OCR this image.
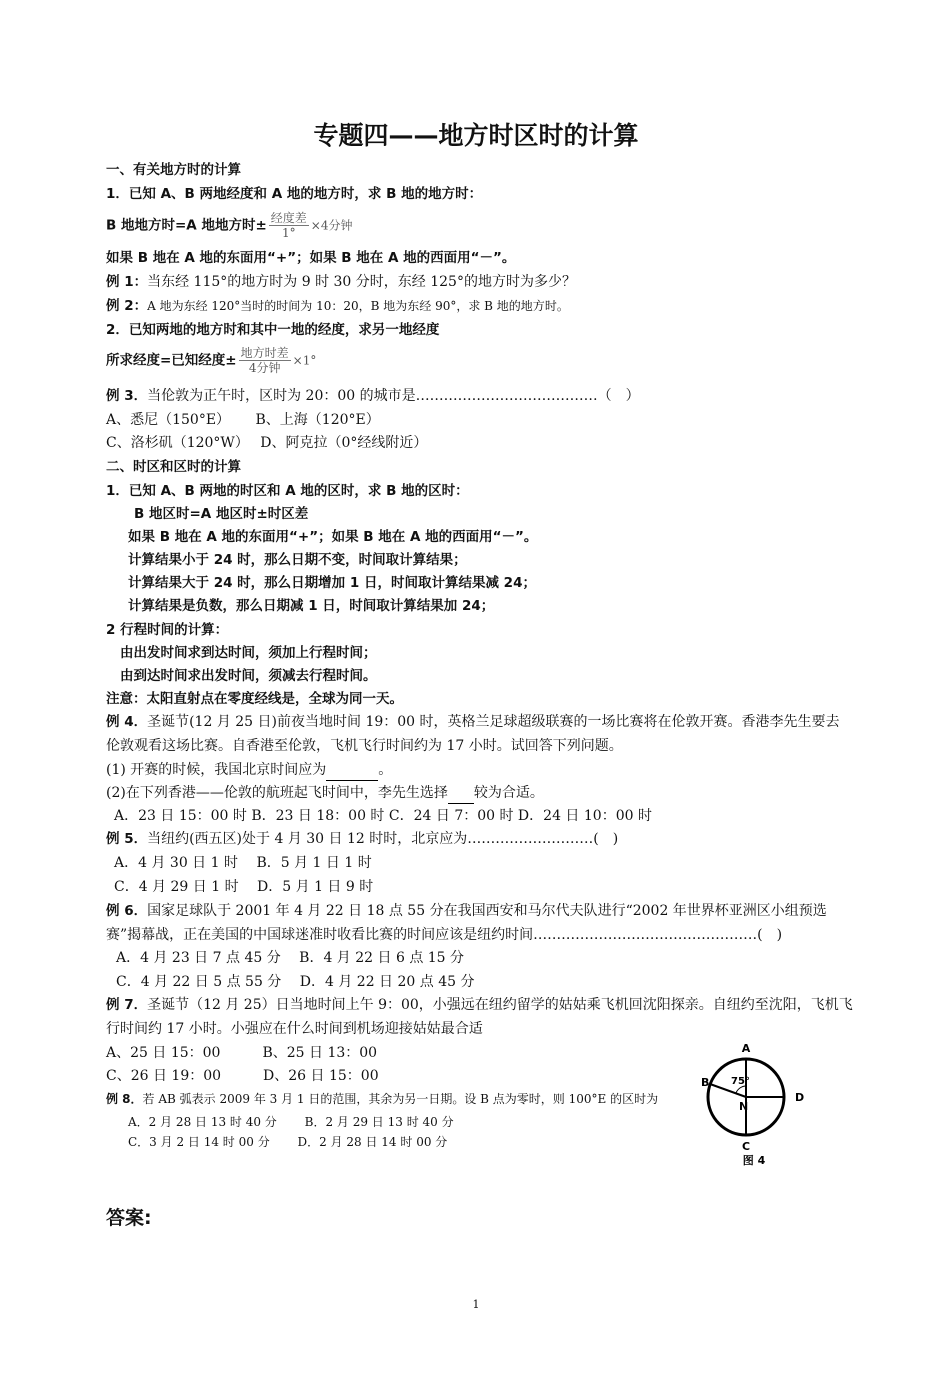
专题四——地方时区时的计算
一、有关地方时的计算
1．已知 A、B 两地经度和 A 地的地方时，求 B 地的地方时：
B 地地方时=A 地地方时± $\frac{\text{经度差}}{1^\circ} \times 4$分钟
如果 B 地在 A 地的东面用“+”；如果 B 地在 A 地的西面用“－”。
例 1：当东经 115°的地方时为 9 时 30 分时，东经 125°的地方时为多少？
例 2：A 地为东经 120°当时的时间为 10：20，B 地为东经 90°，求 B 地的地方时。
2．已知两地的地方时和其中一地的经度，求另一地经度
所求经度=已知经度± $\frac{\text{地方时差}}{\text{4分钟}} \times 1^\circ$
例 3．当伦敦为正午时，区时为 20：00 的城市是…………………………………（　）
A、悉尼（150°E）　　 B、上海（120°E）
C、洛杉矶（120°W）　 D、阿克拉（0°经线附近）
二、时区和区时的计算
1．已知 A、B 两地的时区和 A 地的区时，求 B 地的区时：
B 地区时=A 地区时±时区差
如果 B 地在 A 地的东面用“+”；如果 B 地在 A 地的西面用“－”。
计算结果小于 24 时，那么日期不变，时间取计算结果；
计算结果大于 24 时，那么日期增加 1 日，时间取计算结果减 24；
计算结果是负数，那么日期减 1 日，时间取计算结果加 24；
2 行程时间的计算：
由出发时间求到达时间，须加上行程时间；
由到达时间求出发时间，须减去行程时间。
注意：太阳直射点在零度经线是，全球为同一天。
例 4．圣诞节(12 月 25 日)前夜当地时间 19：00 时，英格兰足球超级联赛的一场比赛将在伦敦开赛。香港李先生要去
伦敦观看这场比赛。自香港至伦敦，飞机飞行时间约为 17 小时。试回答下列问题。
(1) 开赛的时候，我国北京时间应为	。
(2)在下列香港——伦敦的航班起飞时间中，李先生选择 较为合适。
A．23 日 15：00 时 B．23 日 18：00 时 C．24 日 7：00 时 D．24 日 10：00 时
例 5．当纽约(西五区)处于 4 月 30 日 12 时时，北京应为………………………(　)
A．4 月 30 日 1 时　 B．5 月 1 日 1 时
C．4 月 29 日 1 时　 D．5 月 1 日 9 时
例 6．国家足球队于 2001 年 4 月 22 日 18 点 55 分在我国西安和马尔代夫队进行“2002 年世界杯亚洲区小组预选
赛”揭幕战，正在美国的中国球迷准时收看比赛的时间应该是纽约时间…………………………………………(　)
A．4 月 23 日 7 点 45 分　 B．4 月 22 日 6 点 15 分
C．4 月 22 日 5 点 55 分　 D．4 月 22 日 20 点 45 分
例 7．圣诞节（12 月 25）日当地时间上午 9：00，小强远在纽约留学的姑姑乘飞机回沈阳探亲。自纽约至沈阳，飞机飞
行时间约 17 小时。小强应在什么时间到机场迎接姑姑最合适
A、25 日 15：00　　　B、25 日 13：00
C、26 日 19：00　　　D、26 日 15：00
例 8．若 AB 弧表示 2009 年 3 月 1 日的范围，其余为另一日期。设 B 点为零时，则 100°E 的区时为
A．2 月 28 日 13 时 40 分　　 B．2 月 29 日 13 时 40 分
C．3 月 2 日 14 时 00 分　　 D．2 月 28 日 14 时 00 分
答案:
1
A
B
C
D
N
75°
图 4
